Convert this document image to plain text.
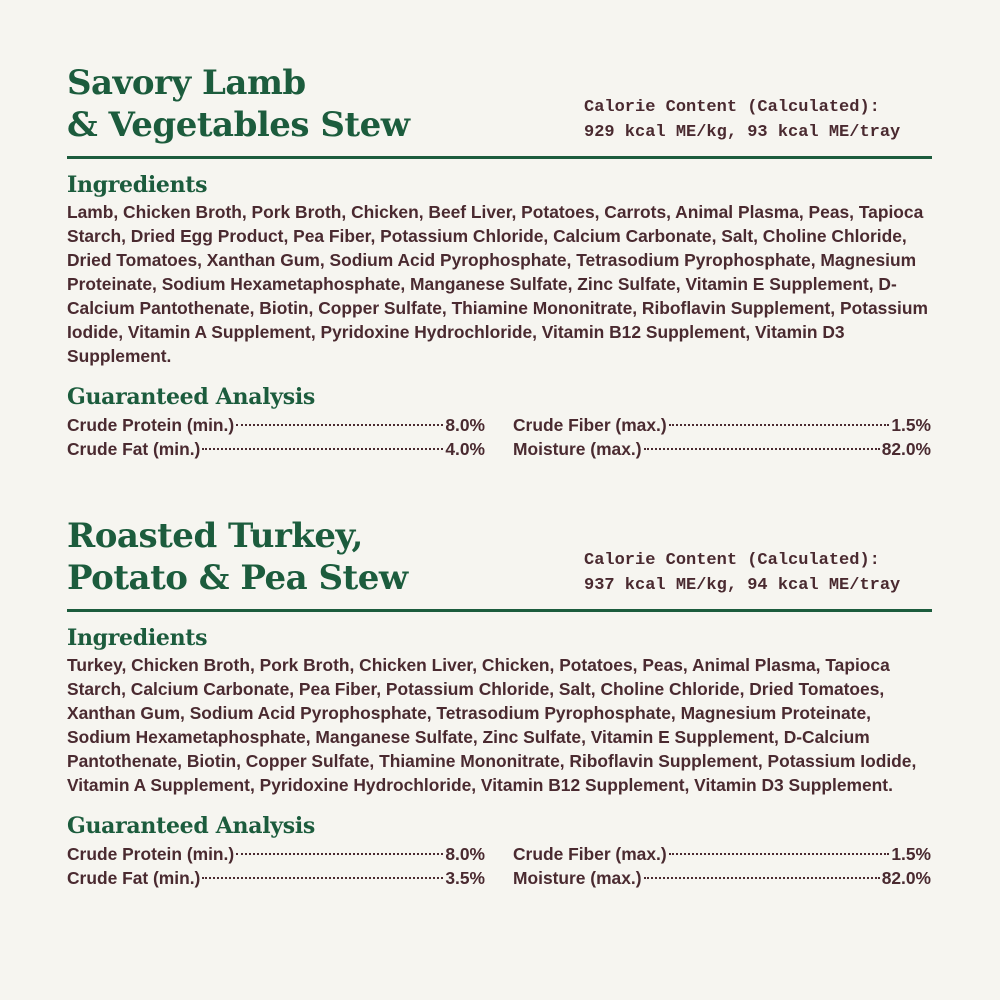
Savory Lamb
& Vegetables Stew	Calorie Content (Calculated):
929 kcal ME/kg, 93 kcal ME/tray
Ingredients
Lamb, Chicken Broth, Pork Broth, Chicken, Beef Liver, Potatoes, Carrots, Animal Plasma, Peas, Tapioca Starch, Dried Egg Product, Pea Fiber, Potassium Chloride, Calcium Carbonate, Salt, Choline Chloride, Dried Tomatoes, Xanthan Gum, Sodium Acid Pyrophosphate, Tetrasodium Pyrophosphate, Magnesium Proteinate, Sodium Hexametaphosphate, Manganese Sulfate, Zinc Sulfate, Vitamin E Supplement, D-Calcium Pantothenate, Biotin, Copper Sulfate, Thiamine Mononitrate, Riboflavin Supplement, Potassium Iodide, Vitamin A Supplement, Pyridoxine Hydrochloride, Vitamin B12 Supplement, Vitamin D3 Supplement.
Guaranteed Analysis
Crude Protein (min.)	8.0% Crude Fiber (max.)	1.5%
Crude Fat (min.)	4.0% Moisture (max.)	82.0%
Roasted Turkey,
Potato & Pea Stew	Calorie Content (Calculated):
937 kcal ME/kg, 94 kcal ME/tray
Ingredients
Turkey, Chicken Broth, Pork Broth, Chicken Liver, Chicken, Potatoes, Peas, Animal Plasma, Tapioca Starch, Calcium Carbonate, Pea Fiber, Potassium Chloride, Salt, Choline Chloride, Dried Tomatoes, Xanthan Gum, Sodium Acid Pyrophosphate, Tetrasodium Pyrophosphate, Magnesium Proteinate, Sodium Hexametaphosphate, Manganese Sulfate, Zinc Sulfate, Vitamin E Supplement, D-Calcium Pantothenate, Biotin, Copper Sulfate, Thiamine Mononitrate, Riboflavin Supplement, Potassium Iodide, Vitamin A Supplement, Pyridoxine Hydrochloride, Vitamin B12 Supplement, Vitamin D3 Supplement.
Guaranteed Analysis
Crude Protein (min.)	8.0% Crude Fiber (max.)	1.5%
Crude Fat (min.)	3.5% Moisture (max.)	82.0%
